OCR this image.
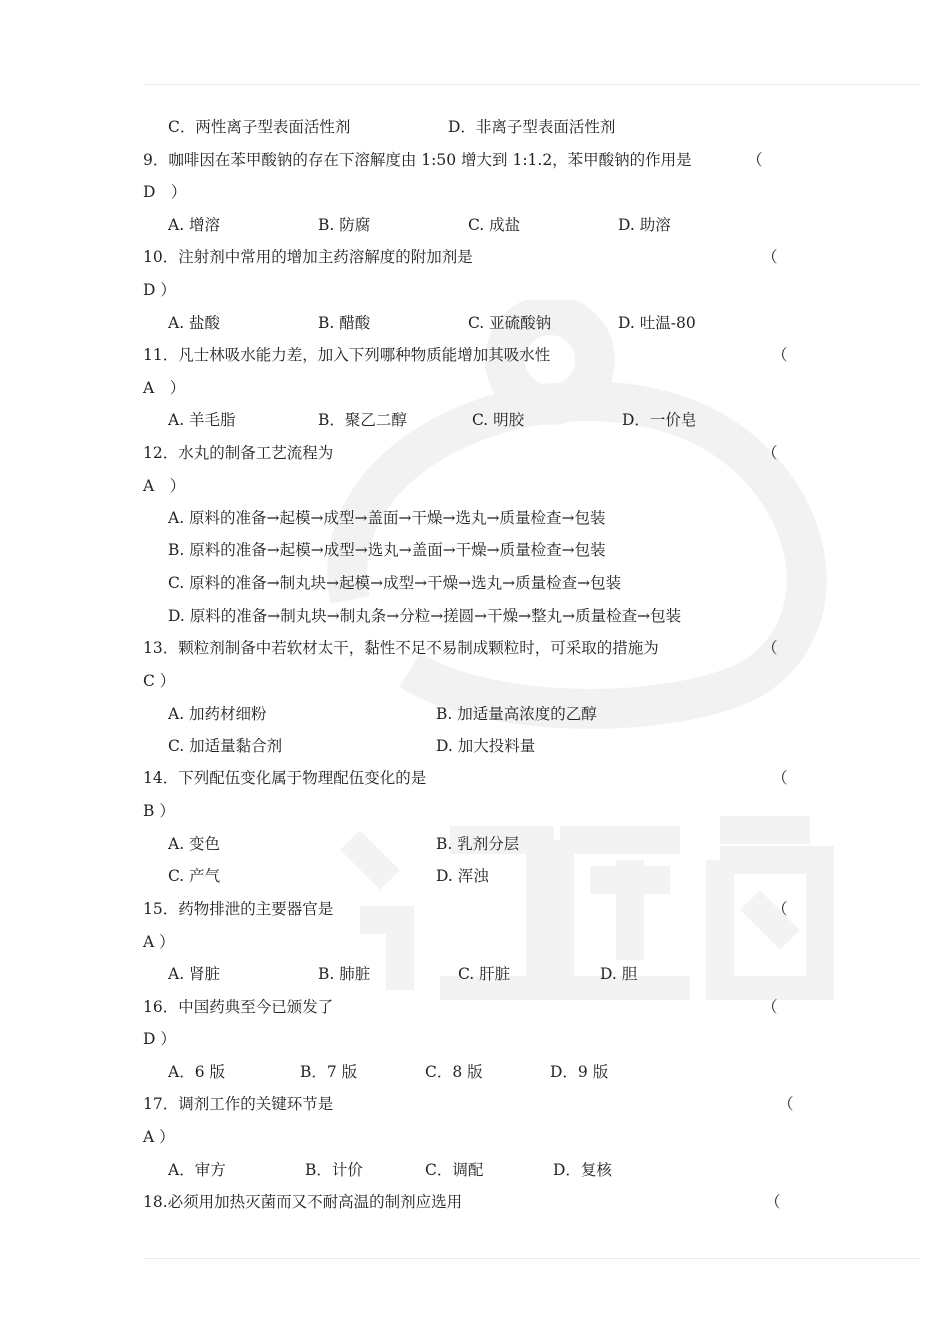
C．两性离子型表面活性剂	D．非离子型表面活性剂
9．咖啡因在苯甲酸钠的存在下溶解度由 1:50 增大到 1:1.2，苯甲酸钠的作用是	（
D　）
A. 增溶	B. 防腐	C. 成盐	D. 助溶
10．注射剂中常用的增加主药溶解度的附加剂是	（
D ）
A. 盐酸	B. 醋酸	C. 亚硫酸钠	D. 吐温-80
11．凡士林吸水能力差，加入下列哪种物质能增加其吸水性	（
A　）
A. 羊毛脂	B．聚乙二醇	C. 明胶	D．一价皂
12．水丸的制备工艺流程为	（
A　）
A. 原料的准备→起模→成型→盖面→干燥→选丸→质量检查→包装
B. 原料的准备→起模→成型→选丸→盖面→干燥→质量检查→包装
C. 原料的准备→制丸块→起模→成型→干燥→选丸→质量检查→包装
D. 原料的准备→制丸块→制丸条→分粒→搓圆→干燥→整丸→质量检查→包装
13．颗粒剂制备中若软材太干，黏性不足不易制成颗粒时，可采取的措施为	（
C ）
A. 加药材细粉	B. 加适量高浓度的乙醇
C. 加适量黏合剂	D. 加大投料量
14．下列配伍变化属于物理配伍变化的是	（
B ）
A. 变色	B. 乳剂分层
C. 产气	D. 浑浊
15．药物排泄的主要器官是	（
A ）
A. 肾脏	B. 肺脏	C. 肝脏	D. 胆
16．中国药典至今已颁发了	（
D ）
A．6 版	B．7 版	C．8 版	D．9 版
17．调剂工作的关键环节是	（
A ）
A．审方	B．计价	C．调配	D．复核
18.必须用加热灭菌而又不耐高温的制剂应选用	（
